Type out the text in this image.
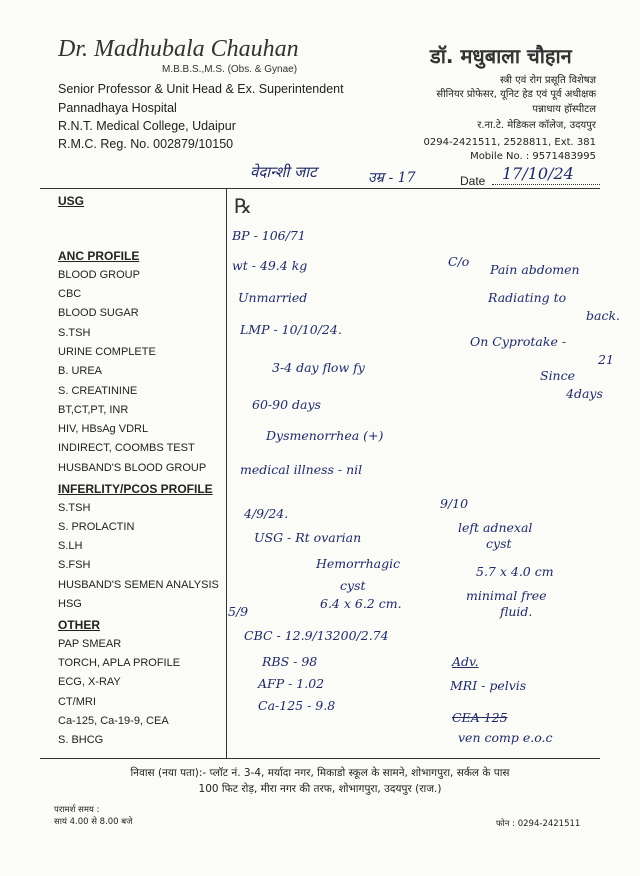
Dr. Madhubala Chauhan
M.B.B.S.,M.S. (Obs. & Gynae)
Senior Professor & Unit Head & Ex. Superintendent
Pannadhaya Hospital
R.N.T. Medical College, Udaipur
R.M.C. Reg. No. 002879/10150
डॉ. मधुबाला चौहान
स्त्री एवं रोग प्रसूति विशेषज्ञ
सीनियर प्रोफेसर, यूनिट हेड एवं पूर्व अधीक्षक
पन्नाधाय हॉस्पीटल
र.ना.टे. मेडिकल कॉलेज, उदयपुर
0294-2421511, 2528811, Ext. 381
Mobile No. : 9571483995
वेदान्शी जाट	उम्र - 17	Date 17/10/24
USG
ANC PROFILE
BLOOD GROUP
CBC
BLOOD SUGAR
S.TSH
URINE COMPLETE
B. UREA
S. CREATININE
BT,CT,PT, INR
HIV, HBsAg VDRL
INDIRECT, COOMBS TEST
HUSBAND'S BLOOD GROUP
INFERLITY/PCOS PROFILE
S.TSH
S. PROLACTIN
S.LH
S.FSH
HUSBAND'S SEMEN ANALYSIS
HSG
OTHER
PAP SMEAR
TORCH, APLA PROFILE
ECG, X-RAY
CT/MRI
Ca-125, Ca-19-9, CEA
S. BHCG
℞
BP - 106/71
wt - 49.4 kg
Unmarried
LMP - 10/10/24.
3-4 day flow fy
60-90 days
Dysmenorrhea (+)
medical illness - nil
C/o
Pain abdomen
Radiating to
back.
On Cyprotake -
21
Since
4days
4/9/24.
USG - Rt ovarian
Hemorrhagic
cyst
6.4 x 6.2 cm.
9/10
left adnexal
cyst
5.7 x 4.0 cm
minimal free
fluid.
5/9
CBC - 12.9/13200/2.74
RBS - 98
AFP - 1.02
Ca-125 - 9.8
Adv.
MRI - pelvis
CEA 125
ven comp e.o.c
निवास (नया पता):- प्लॉट नं. 3-4, मर्यादा नगर, मिकाडो स्कूल के सामने, शोभागपुरा, सर्कल के पास
100 फिट रोड़, मीरा नगर की तरफ, शोभागपुरा, उदयपुर (राज.)
परामर्श समय :
सायं 4.00 से 8.00 बजे	फोन : 0294-2421511
